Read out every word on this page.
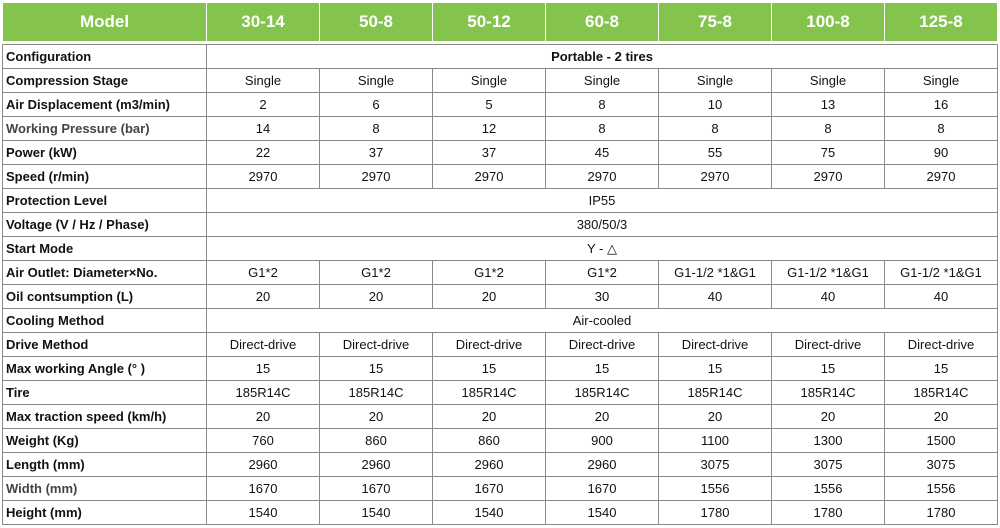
Model	30-14	50-8	50-12	60-8	75-8	100-8	125-8

Configuration	Portable - 2 tires						
Compression Stage	Single	Single	Single	Single	Single	Single	Single
Air Displacement (m3/min)	2	6	5	8	10	13	16
Working Pressure (bar)	14	8	12	8	8	8	8
Power (kW)	22	37	37	45	55	75	90
Speed (r/min)	2970	2970	2970	2970	2970	2970	2970
Protection Level	IP55						
Voltage (V / Hz / Phase)	380/50/3						
Start Mode	Y - △						
Air Outlet: Diameter×No.	G1*2	G1*2	G1*2	G1*2	G1-1/2 *1&G1	G1-1/2 *1&G1	G1-1/2 *1&G1
Oil contsumption (L)	20	20	20	30	40	40	40
Cooling Method	Air-cooled						
Drive Method	Direct-drive	Direct-drive	Direct-drive	Direct-drive	Direct-drive	Direct-drive	Direct-drive
Max working Angle (° )	15	15	15	15	15	15	15
Tire	185R14C	185R14C	185R14C	185R14C	185R14C	185R14C	185R14C
Max traction speed (km/h)	20	20	20	20	20	20	20
Weight (Kg)	760	860	860	900	1100	1300	1500
Length (mm)	2960	2960	2960	2960	3075	3075	3075
Width (mm)	1670	1670	1670	1670	1556	1556	1556
Height (mm)	1540	1540	1540	1540	1780	1780	1780
